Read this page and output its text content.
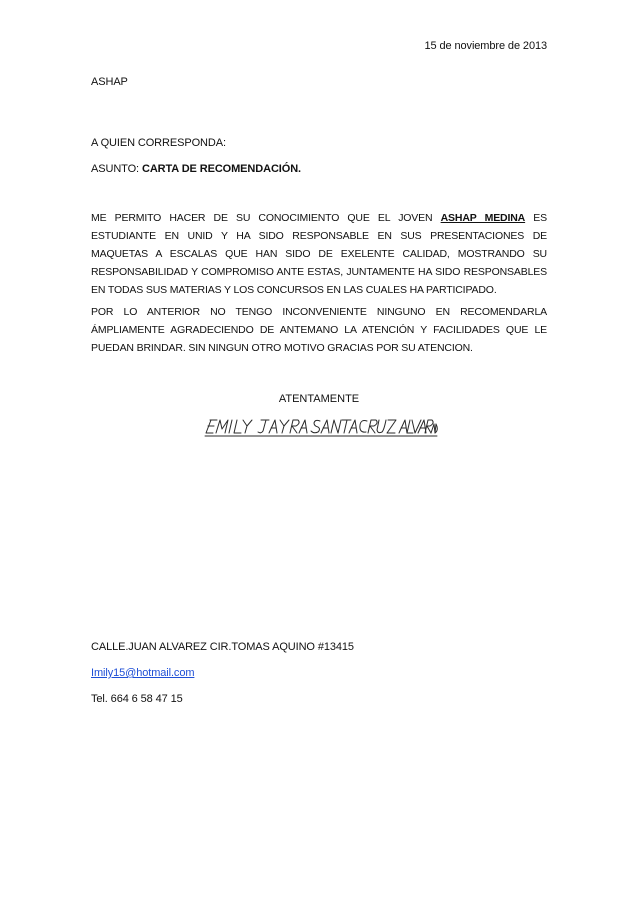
15 de noviembre de 2013
ASHAP
A QUIEN CORRESPONDA:
ASUNTO: CARTA DE RECOMENDACIÓN.
ME PERMITO HACER DE SU CONOCIMIENTO QUE EL JOVEN ASHAP MEDINA ES ESTUDIANTE EN UNID Y HA SIDO RESPONSABLE EN SUS PRESENTACIONES DE MAQUETAS A ESCALAS QUE HAN SIDO DE EXELENTE CALIDAD, MOSTRANDO SU RESPONSABILIDAD Y COMPROMISO ANTE ESTAS, JUNTAMENTE HA SIDO RESPONSABLES EN TODAS SUS MATERIAS Y LOS CONCURSOS EN LAS CUALES HA PARTICIPADO.
POR LO ANTERIOR NO TENGO INCONVENIENTE NINGUNO EN RECOMENDARLA ÁMPLIAMENTE AGRADECIENDO DE ANTEMANO LA ATENCIÓN Y FACILIDADES QUE LE PUEDAN BRINDAR. SIN NINGUN OTRO MOTIVO GRACIAS POR SU ATENCION.
ATENTAMENTE
CALLE.JUAN ALVAREZ CIR.TOMAS AQUINO #13415
Imily15@hotmail.com
Tel. 664 6 58 47 15
